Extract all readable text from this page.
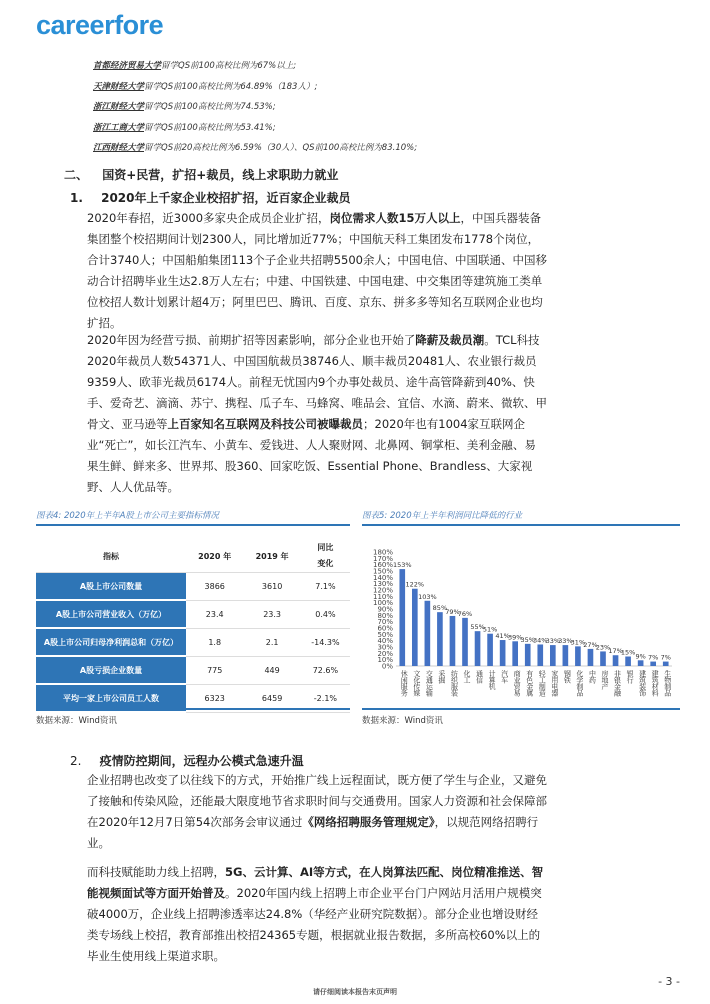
careerfore
首都经济贸易大学留学QS前100高校比例为67%以上;
天津财经大学留学QS前100高校比例为64.89%（183人）;
浙江财经大学留学QS前100高校比例为74.53%;
浙江工商大学留学QS前100高校比例为53.41%;
江西财经大学留学QS前20高校比例为6.59%（30人）、QS前100高校比例为83.10%;
二、 国资+民营，扩招+裁员，线上求职助力就业
1. 2020年上千家企业校招扩招，近百家企业裁员
2020年春招，近3000多家央企成员企业扩招，岗位需求人数15万人以上，中国兵器装备集团整个校招期间计划2300人，同比增加近77%；中国航天科工集团发布1778个岗位，合计3740人；中国船舶集团113个子企业共招聘5500余人；中国电信、中国联通、中国移动合计招聘毕业生达2.8万人左右；中建、中国铁建、中国电建、中交集团等建筑施工类单位校招人数计划累计超4万；阿里巴巴、腾讯、百度、京东、拼多多等知名互联网企业也均扩招。
2020年因为经营亏损、前期扩招等因素影响，部分企业也开始了降薪及裁员潮。TCL科技2020年裁员人数54371人、中国国航裁员38746人、顺丰裁员20481人、农业银行裁员9359人、欧菲光裁员6174人。前程无忧国内9个办事处裁员、途牛高管降薪到40%、快手、爱奇艺、滴滴、苏宁、携程、瓜子车、马蜂窝、唯品会、宜信、水滴、蔚来、微软、甲骨文、亚马逊等上百家知名互联网及科技公司被曝裁员；2020年也有1004家互联网企业“死亡”，如长江汽车、小黄车、爱钱进、人人聚财网、北鼻网、铜掌柜、美利金融、易果生鲜、鲜来多、世界邦、股360、回家吃饭、Essential Phone、Brandless、大家视野、人人优品等。
图表4: 2020年上半年A股上市公司主要指标情况
指标	2020 年	2019 年	同比
变化
A股上市公司数量	3866	3610	7.1%
A股上市公司营业收入（万亿）	23.4	23.3	0.4%
A股上市公司归母净利润总和（万亿）	1.8	2.1	-14.3%
A股亏损企业数量	775	449	72.6%
平均一家上市公司员工人数	6323	6459	-2.1%
数据来源：Wind资讯
图表5: 2020年上半年利润同比降低的行业
0%
10%
20%
30%
40%
50%
60%
70%
80%
90%
100%
110%
120%
130%
140%
150%
160%
170%
180%
153%
休闲服务
122%
文化传媒
103%
交通运输
85%
采掘
79%
纺织服装
76%
化工
55%
通信
51%
计算机
41%
汽车
39%
商业贸易
35%
有色金属
34%
轻工制造
33%
家用电器
33%
钢铁
31%
化学制品
27%
中药
23%
房地产
17%
非银金融
15%
银行
9%
建筑装饰
7%
建筑材料
7%
生物制品
数据来源：Wind资讯
2. 疫情防控期间，远程办公模式急速升温
企业招聘也改变了以往线下的方式，开始推广线上远程面试，既方便了学生与企业，又避免了接触和传染风险，还能最大限度地节省求职时间与交通费用。国家人力资源和社会保障部在2020年12月7日第54次部务会审议通过《网络招聘服务管理规定》，以规范网络招聘行业。
而科技赋能助力线上招聘，5G、云计算、AI等方式，在人岗算法匹配、岗位精准推送、智能视频面试等方面开始普及。2020年国内线上招聘上市企业平台门户网站月活用户规模突破4000万，企业线上招聘渗透率达24.8%（华经产业研究院数据）。部分企业也增设财经类专场线上校招，教育部推出校招24365专题，根据就业报告数据，多所高校60%以上的毕业生使用线上渠道求职。
- 3 -
请仔细阅读本报告末页声明
